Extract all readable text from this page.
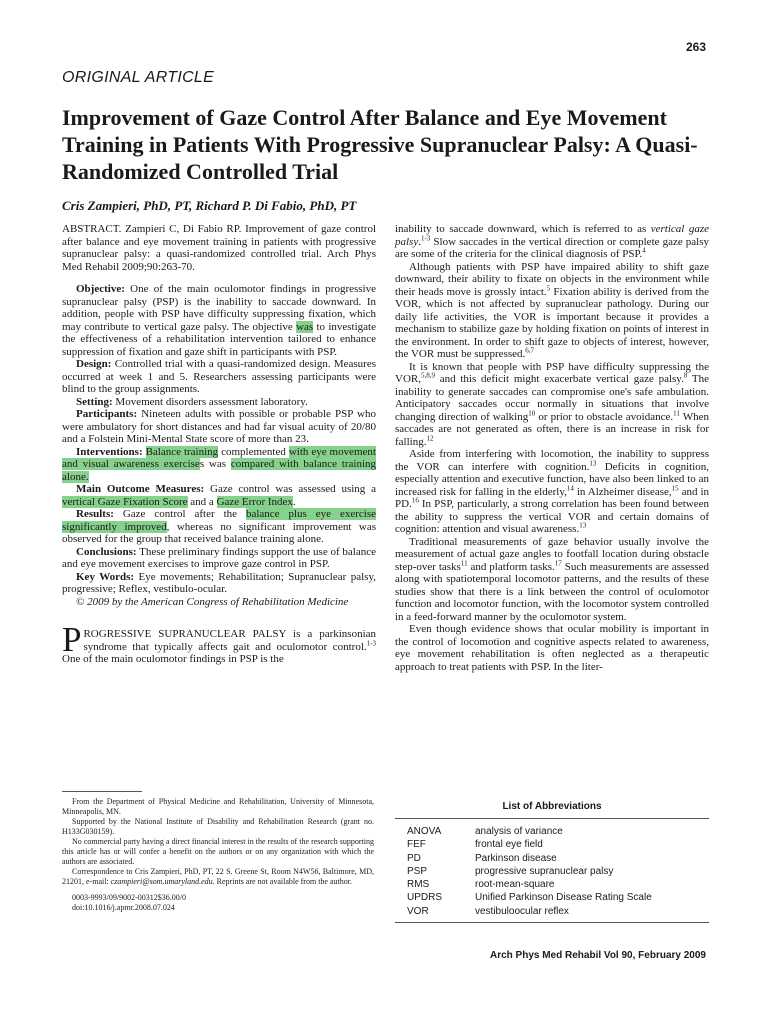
263
ORIGINAL ARTICLE
Improvement of Gaze Control After Balance and Eye Movement Training in Patients With Progressive Supranuclear Palsy: A Quasi-Randomized Controlled Trial
Cris Zampieri, PhD, PT, Richard P. Di Fabio, PhD, PT

ABSTRACT. Zampieri C, Di Fabio RP. Improvement of gaze control after balance and eye movement training in patients with progressive supranuclear palsy: a quasi-randomized controlled trial. Arch Phys Med Rehabil 2009;90:263-70.

Objective: One of the main oculomotor findings in progressive supranuclear palsy (PSP) is the inability to saccade downward. In addition, people with PSP have difficulty suppressing fixation, which may contribute to vertical gaze palsy. The objective was to investigate the effectiveness of a rehabilitation intervention tailored to enhance suppression of fixation and gaze shift in participants with PSP.

Design: Controlled trial with a quasi-randomized design. Measures occurred at week 1 and 5. Researchers assessing participants were blind to the group assignments.

Setting: Movement disorders assessment laboratory.

Participants: Nineteen adults with possible or probable PSP who were ambulatory for short distances and had far visual acuity of 20/80 and a Folstein Mini-Mental State score of more than 23.

Interventions: Balance training complemented with eye movement and visual awareness exercises was compared with balance training alone.

Main Outcome Measures: Gaze control was assessed using a vertical Gaze Fixation Score and a Gaze Error Index.

Results: Gaze control after the balance plus eye exercise significantly improved, whereas no significant improvement was observed for the group that received balance training alone.

Conclusions: These preliminary findings support the use of balance and eye movement exercises to improve gaze control in PSP.

Key Words: Eye movements; Rehabilitation; Supranuclear palsy, progressive; Reflex, vestibulo-ocular.

© 2009 by the American Congress of Rehabilitation Medicine

PROGRESSIVE SUPRANUCLEAR PALSY is a parkinsonian syndrome that typically affects gait and oculomotor control.$^{1-3}$ One of the main oculomotor findings in PSP is the

inability to saccade downward, which is referred to as vertical gaze palsy.$^{1-3}$ Slow saccades in the vertical direction or complete gaze palsy are some of the criteria for the clinical diagnosis of PSP.$^4$

Although patients with PSP have impaired ability to shift gaze downward, their ability to fixate on objects in the environment while their heads move is grossly intact.$^5$ Fixation ability is derived from the VOR, which is not affected by supranuclear pathology. During our daily life activities, the VOR is important because it provides a mechanism to stabilize gaze by holding fixation on points of interest in the environment. In order to shift gaze to objects of interest, however, the VOR must be suppressed.$^{6,7}$

It is known that people with PSP have difficulty suppressing the VOR,$^{5,8,9}$ and this deficit might exacerbate vertical gaze palsy.$^8$ The inability to generate saccades can compromise one's safe ambulation. Anticipatory saccades occur normally in situations that involve changing direction of walking$^{10}$ or prior to obstacle avoidance.$^{11}$ When saccades are not generated as often, there is an increase in risk for falling.$^{12}$

Aside from interfering with locomotion, the inability to suppress the VOR can interfere with cognition.$^{13}$ Deficits in cognition, especially attention and executive function, have also been linked to an increased risk for falling in the elderly,$^{14}$ in Alzheimer disease,$^{15}$ and in PD.$^{16}$ In PSP, particularly, a strong correlation has been found between the ability to suppress the vertical VOR and certain domains of cognition: attention and visual awareness.$^{13}$

Traditional measurements of gaze behavior usually involve the measurement of actual gaze angles to footfall location during obstacle step-over tasks$^{11}$ and platform tasks.$^{17}$ Such measurements are assessed along with spatiotemporal locomotor patterns, and the results of these studies show that there is a link between the control of oculomotor function and locomotor function, with the locomotor system controlled in a feed-forward manner by the oculomotor system.

Even though evidence shows that ocular mobility is important in the control of locomotion and cognitive aspects related to awareness, eye movement rehabilitation is often neglected as a therapeutic approach to treat patients with PSP. In the liter-

From the Department of Physical Medicine and Rehabilitation, University of Minnesota, Minneapolis, MN.

Supported by the National Institute of Disability and Rehabilitation Research (grant no. H133G030159).

No commercial party having a direct financial interest in the results of the research supporting this article has or will confer a benefit on the authors or on any organization with which the authors are associated.

Correspondence to Cris Zampieri, PhD, PT, 22 S. Greene St, Room N4W56, Baltimore, MD, 21201, e-mail: czampieri@som.umaryland.edu. Reprints are not available from the author.

0003-9993/09/9002-00312$36.00/0

doi:10.1016/j.apmr.2008.07.024

List of Abbreviations
ANOVA	analysis of variance
FEF	frontal eye field
PD	Parkinson disease
PSP	progressive supranuclear palsy
RMS	root-mean-square
UPDRS	Unified Parkinson Disease Rating Scale
VOR	vestibuloocular reflex
Arch Phys Med Rehabil Vol 90, February 2009
